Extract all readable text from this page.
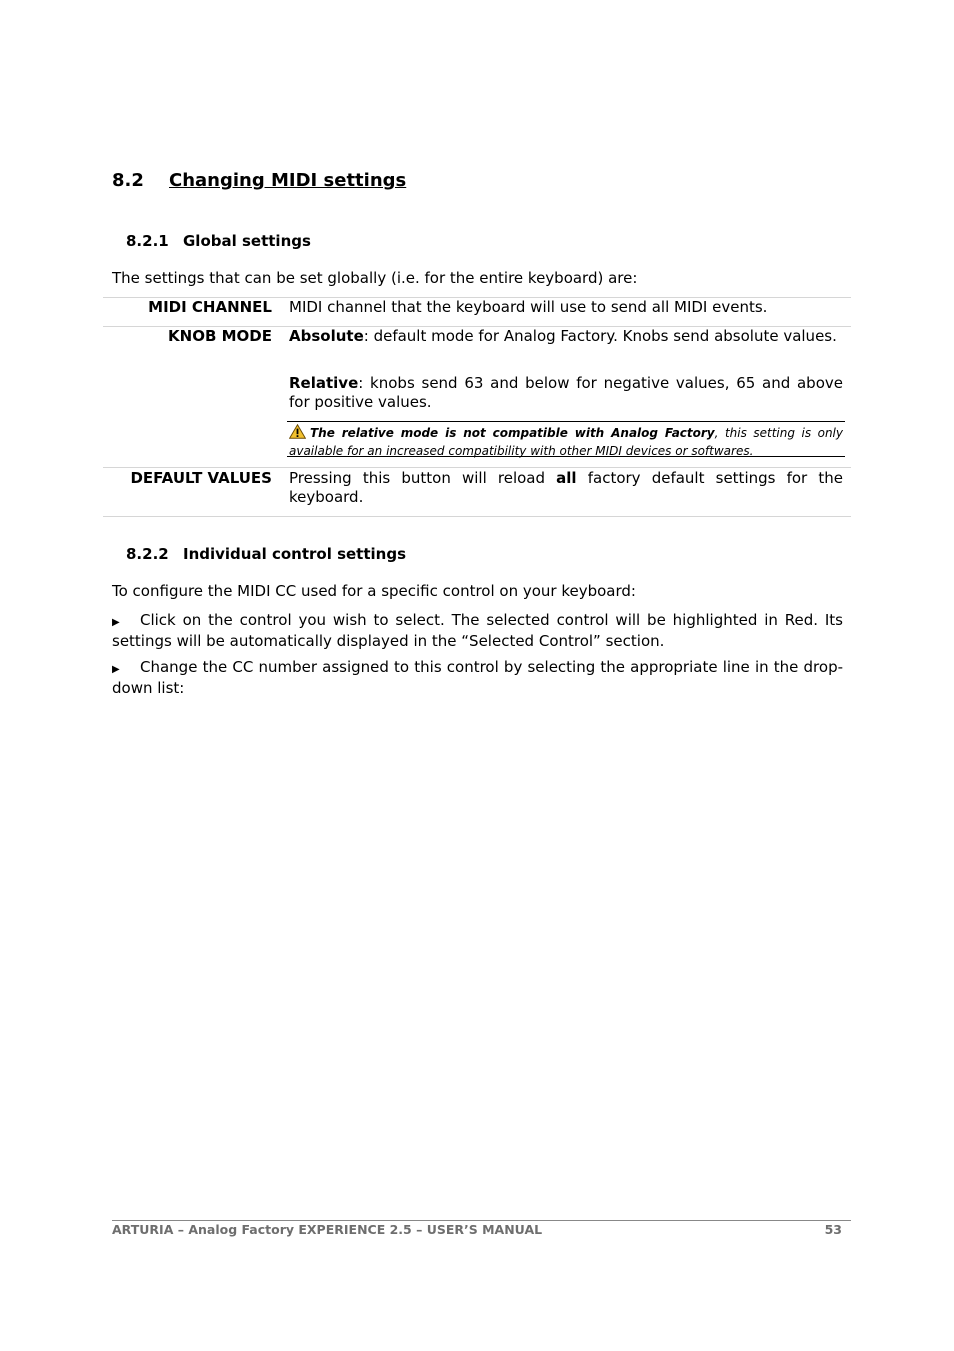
8.2 Changing MIDI settings
8.2.1 Global settings
The settings that can be set globally (i.e. for the entire keyboard) are:
MIDI CHANNEL MIDI channel that the keyboard will use to send all MIDI events.
KNOB MODE Absolute: default mode for Analog Factory. Knobs send absolute values.
Relative: knobs send 63 and below for negative values, 65 and above for positive values.
The relative mode is not compatible with Analog Factory, this setting is only available for an increased compatibility with other MIDI devices or softwares.
DEFAULT VALUES Pressing this button will reload all factory default settings for the keyboard.
8.2.2 Individual control settings
To configure the MIDI CC used for a specific control on your keyboard:
▶ Click on the control you wish to select. The selected control will be highlighted in Red. Its settings will be automatically displayed in the “Selected Control” section.
▶ Change the CC number assigned to this control by selecting the appropriate line in the drop-down list:
ARTURIA – Analog Factory EXPERIENCE 2.5 – USER’S MANUAL	53
